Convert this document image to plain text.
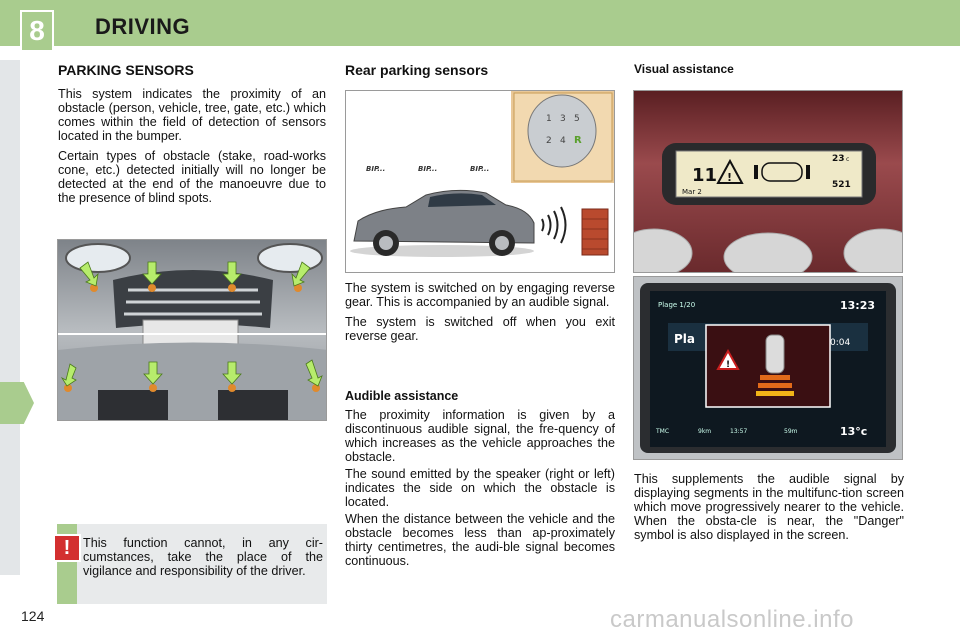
8 DRIVING
PARKING SENSORS

This system indicates the proximity of an obstacle (person, vehicle, tree, gate, etc.) which comes within the field of detection of sensors located in the bumper.

Certain types of obstacle (stake, road-works cone, etc.) detected initially will no longer be detected at the end of the manoeuvre due to the presence of blind spots.

! This function cannot, in any cir-cumstances, take the place of the vigilance and responsibility of the driver.
Rear parking sensors
1 3 5
2 4 R
BIP...	BIP...	BIP...

The system is switched on by engaging reverse gear. This is accompanied by an audible signal.

The system is switched off when you exit reverse gear.

Audible assistance

The proximity information is given by a discontinuous audible signal, the fre-quency of which increases as the vehicle approaches the obstacle.

The sound emitted by the speaker (right or left) indicates the side on which the obstacle is located.

When the distance between the vehicle and the obstacle becomes less than ap-proximately thirty centimetres, the audi-ble signal becomes continuous.

Visual assistance
11
Mar 2
!
23 c
521
Plage 1/20	13:23
Pla	0:04
!
TMC	9km	13:57	59m	13°c
This supplements the audible signal by displaying segments in the multifunc-tion screen which move progressively nearer to the vehicle. When the obsta-cle is near, the "Danger" symbol is also displayed in the screen.
124	carmanualsonline.info
